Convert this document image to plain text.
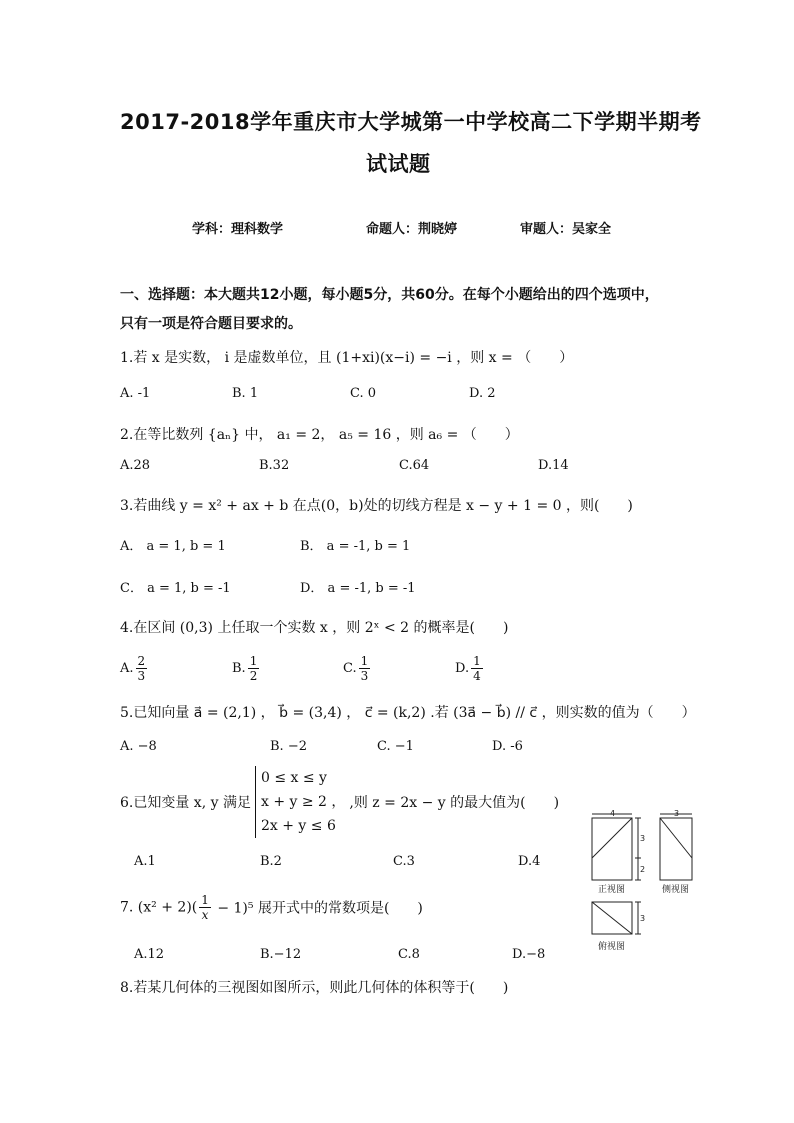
2017-2018学年重庆市大学城第一中学校高二下学期半期考
试试题
学科：理科数学	命题人：荆晓婷	审题人：吴家全
一、选择题：本大题共12小题，每小题5分，共60分。在每个小题给出的四个选项中，
只有一项是符合题目要求的。
1.若 x 是实数， i 是虚数单位，且 (1+xi)(x−i) = −i ，则 x = （　　）
A. -1	B. 1	C. 0	D. 2
2.在等比数列 {aₙ} 中， a₁ = 2， a₅ = 16 ，则 a₆ = （　　）
A.28	B.32	C.64	D.14
3.若曲线 y = x² + ax + b 在点(0，b)处的切线方程是 x − y + 1 = 0 ，则(　　)
A． a = 1, b = 1	B． a = -1, b = 1
C． a = 1, b = -1	D． a = -1, b = -1
4.在区间 (0,3) 上任取一个实数 x ，则 2ˣ < 2 的概率是(　　)
A. $\frac{2}{3}$	B. $\frac{1}{2}$	C. $\frac{1}{3}$	D. $\frac{1}{4}$
5.已知向量 a⃗ = (2,1) ， b⃗ = (3,4) ， c⃗ = (k,2) .若 (3a⃗ − b⃗) // c⃗ ，则实数的值为（　　）
A. −8	B. −2	C. −1	D. -6
6.已知变量 x, y 满足
0 ≤ x ≤ y
x + y ≥ 2 ，
2x + y ≤ 6
,则 z = 2x − y 的最大值为(　　)
A.1	B.2	C.3	D.4
7. $(x^2 + 2)( \frac{1}{x} - 1)^5$ 展开式中的常数项是(　　)
A.12	B.−12	C.8	D.−8
8.若某几何体的三视图如图所示，则此几何体的体积等于(　　)
4
3
2
正视图
3
侧视图
3
俯视图
